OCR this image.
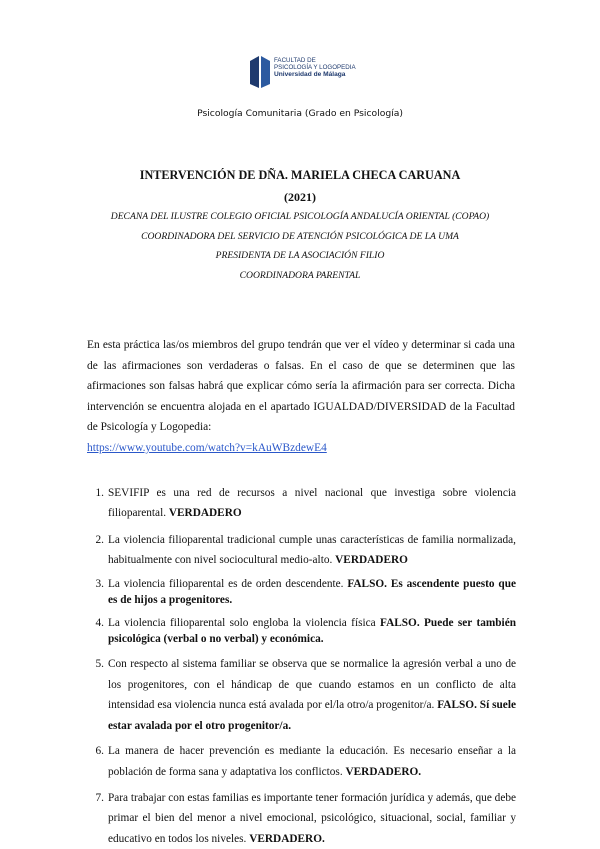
FACULTAD DE
PSICOLOGÍA Y LOGOPEDIA
Universidad de Málaga
Psicología Comunitaria (Grado en Psicología)
INTERVENCIÓN DE DÑA. MARIELA CHECA CARUANA
(2021)
DECANA DEL ILUSTRE COLEGIO OFICIAL PSICOLOGÍA ANDALUCÍA ORIENTAL (COPAO)
COORDINADORA DEL SERVICIO DE ATENCIÓN PSICOLÓGICA DE LA UMA
PRESIDENTA DE LA ASOCIACIÓN FILIO
COORDINADORA PARENTAL

En esta práctica las/os miembros del grupo tendrán que ver el vídeo y determinar si cada una de las afirmaciones son verdaderas o falsas. En el caso de que se determinen que las afirmaciones son falsas habrá que explicar cómo sería la afirmación para ser correcta. Dicha intervención se encuentra alojada en el apartado IGUALDAD/DIVERSIDAD de la Facultad de Psicología y Logopedia:
https://www.youtube.com/watch?v=kAuWBzdewE4

1. SEVIFIP es una red de recursos a nivel nacional que investiga sobre violencia filioparental. VERDADERO
2. La violencia filioparental tradicional cumple unas características de familia normalizada, habitualmente con nivel sociocultural medio-alto. VERDADERO
3. La violencia filioparental es de orden descendente. FALSO. Es ascendente puesto que es de hijos a progenitores.
4. La violencia filioparental solo engloba la violencia física FALSO. Puede ser también psicológica (verbal o no verbal) y económica.
5. Con respecto al sistema familiar se observa que se normalice la agresión verbal a uno de los progenitores, con el hándicap de que cuando estamos en un conflicto de alta intensidad esa violencia nunca está avalada por el/la otro/a progenitor/a. FALSO. Sí suele estar avalada por el otro progenitor/a.
6. La manera de hacer prevención es mediante la educación. Es necesario enseñar a la población de forma sana y adaptativa los conflictos. VERDADERO.
7. Para trabajar con estas familias es importante tener formación jurídica y además, que debe primar el bien del menor a nivel emocional, psicológico, situacional, social, familiar y educativo en todos los niveles. VERDADERO.
